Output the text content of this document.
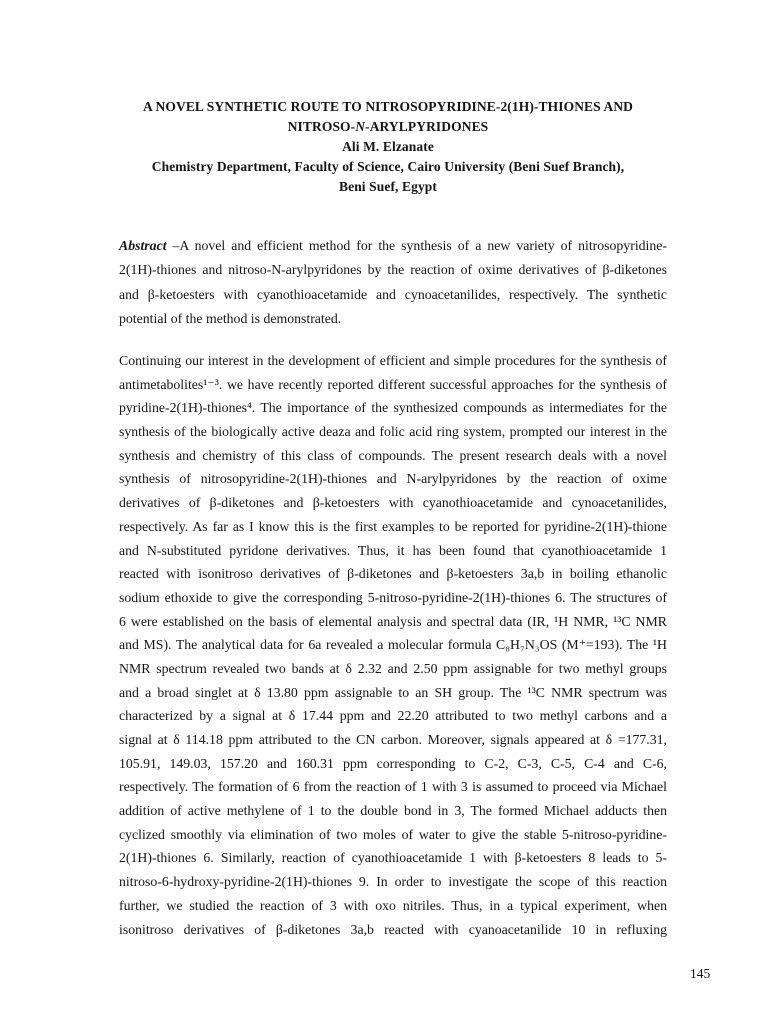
A NOVEL SYNTHETIC ROUTE TO NITROSOPYRIDINE-2(1H)-THIONES AND
NITROSO-N-ARYLPYRIDONES
Ali M. Elzanate
Chemistry Department, Faculty of Science, Cairo University (Beni Suef Branch),
Beni Suef, Egypt
Abstract –A novel and efficient method for the synthesis of a new variety of nitrosopyridine-
2(1H)-thiones and nitroso-N-arylpyridones by the reaction of oxime derivatives of β-diketones
and β-ketoesters with cyanothioacetamide and cynoacetanilides, respectively. The synthetic
potential of the method is demonstrated.
Continuing our interest in the development of efficient and simple procedures for the synthesis of
antimetabolites¹⁻³. we have recently reported different successful approaches for the synthesis of
pyridine-2(1H)-thiones⁴. The importance of the synthesized compounds as intermediates for the
synthesis of the biologically active deaza and folic acid ring system, prompted our interest in the
synthesis and chemistry of this class of compounds. The present research deals with a novel
synthesis of nitrosopyridine-2(1H)-thiones and N-arylpyridones by the reaction of oxime
derivatives of β-diketones and β-ketoesters with cyanothioacetamide and cynoacetanilides,
respectively. As far as I know this is the first examples to be reported for pyridine-2(1H)-thione
and N-substituted pyridone derivatives. Thus, it has been found that cyanothioacetamide 1
reacted with isonitroso derivatives of β-diketones and β-ketoesters 3a,b in boiling ethanolic
sodium ethoxide to give the corresponding 5-nitroso-pyridine-2(1H)-thiones 6. The structures of
6 were established on the basis of elemental analysis and spectral data (IR, ¹H NMR, ¹³C NMR
and MS). The analytical data for 6a revealed a molecular formula C₈H₇N₃OS (M⁺=193). The ¹H
NMR spectrum revealed two bands at δ 2.32 and 2.50 ppm assignable for two methyl groups
and a broad singlet at δ 13.80 ppm assignable to an SH group. The ¹³C NMR spectrum was
characterized by a signal at δ 17.44 ppm and 22.20 attributed to two methyl carbons and a
signal at δ 114.18 ppm attributed to the CN carbon. Moreover, signals appeared at δ =177.31,
105.91, 149.03, 157.20 and 160.31 ppm corresponding to C-2, C-3, C-5, C-4 and C-6,
respectively. The formation of 6 from the reaction of 1 with 3 is assumed to proceed via Michael
addition of active methylene of 1 to the double bond in 3, The formed Michael adducts then
cyclized smoothly via elimination of two moles of water to give the stable 5-nitroso-pyridine-
2(1H)-thiones 6. Similarly, reaction of cyanothioacetamide 1 with β-ketoesters 8 leads to 5-
nitroso-6-hydroxy-pyridine-2(1H)-thiones 9. In order to investigate the scope of this reaction
further, we studied the reaction of 3 with oxo nitriles. Thus, in a typical experiment, when
isonitroso derivatives of β-diketones 3a,b reacted with cyanoacetanilide 10 in refluxing
145
